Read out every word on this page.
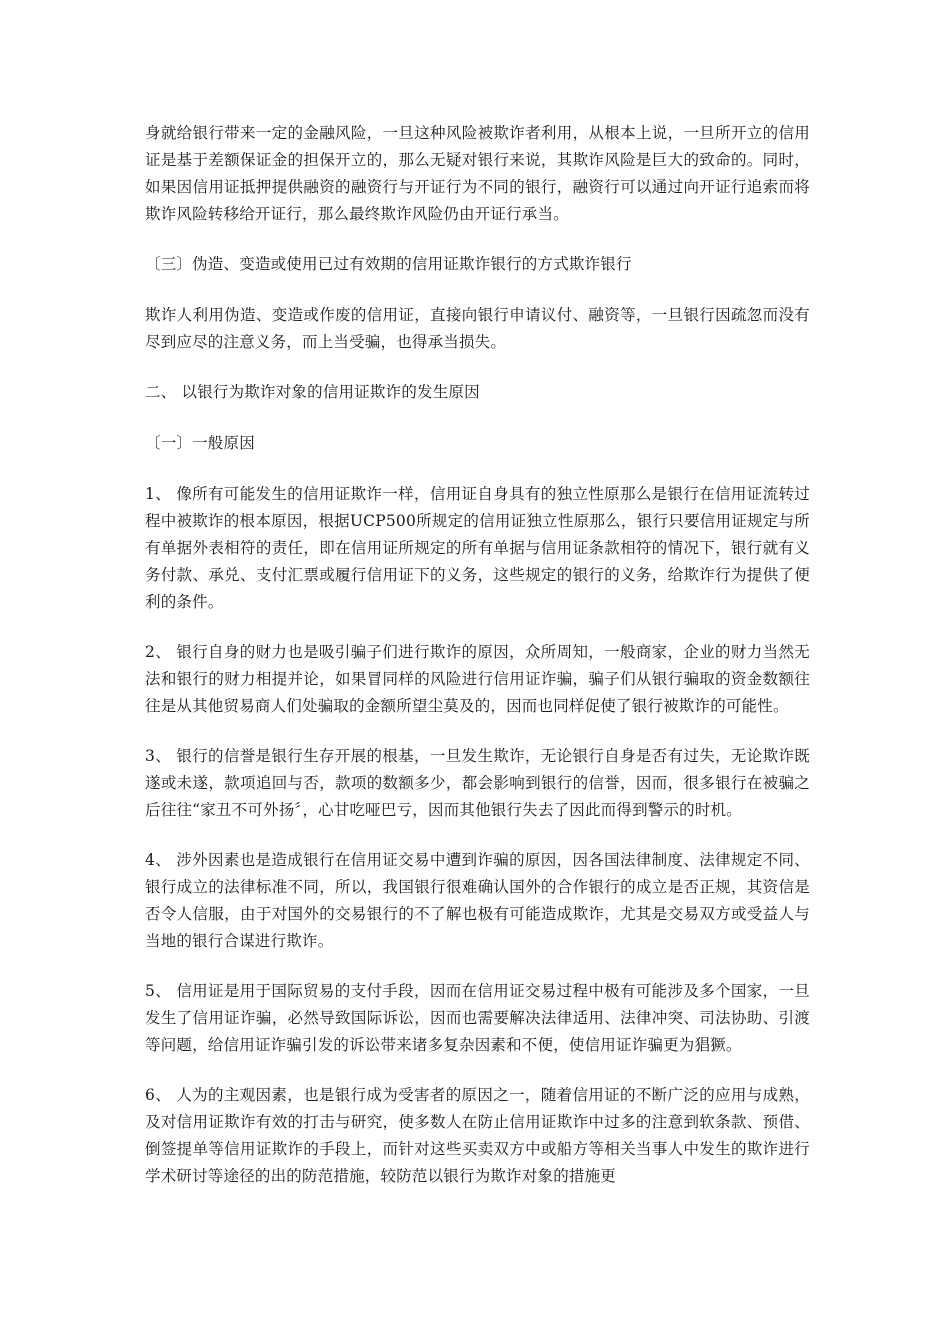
身就给银行带来一定的金融风险，一旦这种风险被欺诈者利用，从根本上说，一旦所开立的信用证是基于差额保证金的担保开立的，那么无疑对银行来说，其欺诈风险是巨大的致命的。同时，如果因信用证抵押提供融资的融资行与开证行为不同的银行，融资行可以通过向开证行追索而将欺诈风险转移给开证行，那么最终欺诈风险仍由开证行承当。

〔三〕伪造、变造或使用已过有效期的信用证欺诈银行的方式欺诈银行

欺诈人利用伪造、变造或作废的信用证，直接向银行申请议付、融资等，一旦银行因疏忽而没有尽到应尽的注意义务，而上当受骗，也得承当损失。

二、 以银行为欺诈对象的信用证欺诈的发生原因

〔一〕一般原因

1、 像所有可能发生的信用证欺诈一样，信用证自身具有的独立性原那么是银行在信用证流转过程中被欺诈的根本原因，根据UCP500所规定的信用证独立性原那么，银行只要信用证规定与所有单据外表相符的责任，即在信用证所规定的所有单据与信用证条款相符的情况下，银行就有义务付款、承兑、支付汇票或履行信用证下的义务，这些规定的银行的义务，给欺诈行为提供了便利的条件。

2、 银行自身的财力也是吸引骗子们进行欺诈的原因，众所周知，一般商家，企业的财力当然无法和银行的财力相提并论，如果冒同样的风险进行信用证诈骗，骗子们从银行骗取的资金数额往往是从其他贸易商人们处骗取的金额所望尘莫及的，因而也同样促使了银行被欺诈的可能性。

3、 银行的信誉是银行生存开展的根基，一旦发生欺诈，无论银行自身是否有过失，无论欺诈既遂或未遂，款项追回与否，款项的数额多少，都会影响到银行的信誉，因而，很多银行在被骗之后往往“家丑不可外扬〞，心甘吃哑巴亏，因而其他银行失去了因此而得到警示的时机。

4、 涉外因素也是造成银行在信用证交易中遭到诈骗的原因，因各国法律制度、法律规定不同、银行成立的法律标准不同，所以，我国银行很难确认国外的合作银行的成立是否正规，其资信是否令人信服，由于对国外的交易银行的不了解也极有可能造成欺诈，尤其是交易双方或受益人与当地的银行合谋进行欺诈。

5、 信用证是用于国际贸易的支付手段，因而在信用证交易过程中极有可能涉及多个国家，一旦发生了信用证诈骗，必然导致国际诉讼，因而也需要解决法律适用、法律冲突、司法协助、引渡等问题，给信用证诈骗引发的诉讼带来诸多复杂因素和不便，使信用证诈骗更为猖獗。

6、 人为的主观因素，也是银行成为受害者的原因之一，随着信用证的不断广泛的应用与成熟，及对信用证欺诈有效的打击与研究，使多数人在防止信用证欺诈中过多的注意到软条款、预借、倒签提单等信用证欺诈的手段上，而针对这些买卖双方中或船方等相关当事人中发生的欺诈进行学术研讨等途径的出的防范措施，较防范以银行为欺诈对象的措施更
